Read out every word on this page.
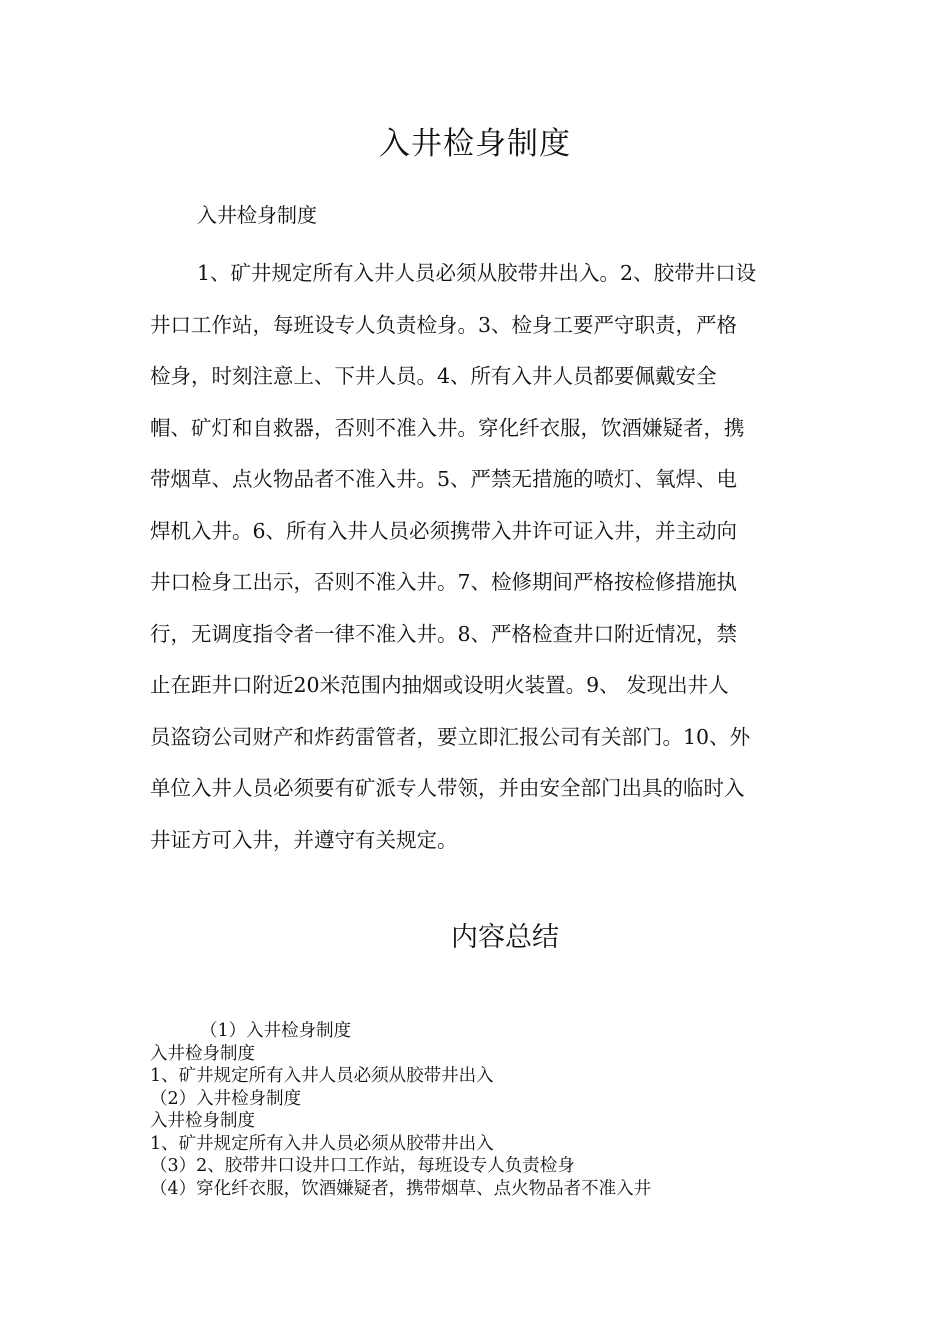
入井检身制度
入井检身制度
1、矿井规定所有入井人员必须从胶带井出入。2、胶带井口设
井口工作站，每班设专人负责检身。3、检身工要严守职责，严格
检身，时刻注意上、下井人员。4、所有入井人员都要佩戴安全
帽、矿灯和自救器，否则不准入井。穿化纤衣服，饮酒嫌疑者，携
带烟草、点火物品者不准入井。5、严禁无措施的喷灯、氧焊、电
焊机入井。6、所有入井人员必须携带入井许可证入井，并主动向
井口检身工出示，否则不准入井。7、检修期间严格按检修措施执
行，无调度指令者一律不准入井。8、严格检查井口附近情况，禁
止在距井口附近20米范围内抽烟或设明火装置。9、 发现出井人
员盗窃公司财产和炸药雷管者，要立即汇报公司有关部门。10、外
单位入井人员必须要有矿派专人带领，并由安全部门出具的临时入
井证方可入井，并遵守有关规定。
内容总结
（1）入井检身制度
入井检身制度
1、矿井规定所有入井人员必须从胶带井出入
（2）入井检身制度
入井检身制度
1、矿井规定所有入井人员必须从胶带井出入
（3）2、胶带井口设井口工作站，每班设专人负责检身
（4）穿化纤衣服，饮酒嫌疑者，携带烟草、点火物品者不准入井
